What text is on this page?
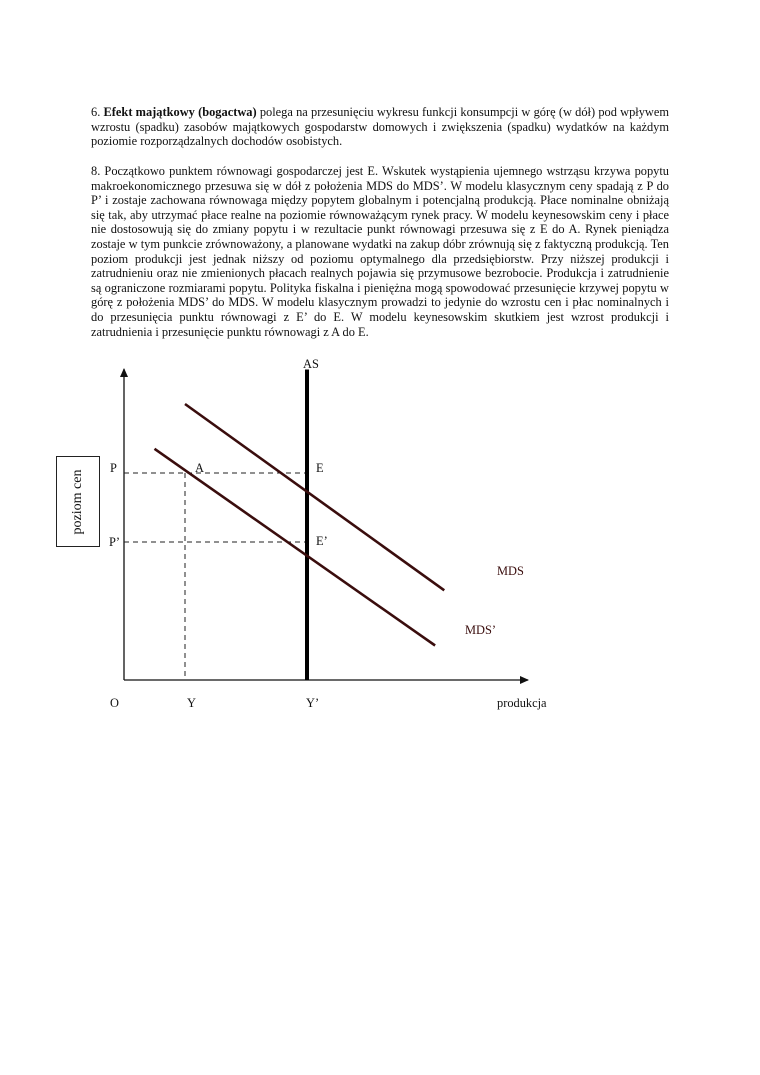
6. Efekt majątkowy (bogactwa) polega na przesunięciu wykresu funkcji konsumpcji w górę (w dół) pod wpływem wzrostu (spadku) zasobów majątkowych gospodarstw domowych i zwiększenia (spadku) wydatków na każdym poziomie rozporządzalnych dochodów osobistych.

8. Początkowo punktem równowagi gospodarczej jest E. Wskutek wystąpienia ujemnego wstrząsu krzywa popytu makroekonomicznego przesuwa się w dół z położenia MDS do MDS’. W modelu klasycznym ceny spadają z P do P’ i zostaje zachowana równowaga między popytem globalnym i potencjalną produkcją. Płace nominalne obniżają się tak, aby utrzymać płace realne na poziomie równoważącym rynek pracy. W modelu keynesowskim ceny i płace nie dostosowują się do zmiany popytu i w rezultacie punkt równowagi przesuwa się z E do A. Rynek pieniądza zostaje w tym punkcie zrównoważony, a planowane wydatki na zakup dóbr zrównują się z faktyczną produkcją. Ten poziom produkcji jest jednak niższy od poziomu optymalnego dla przedsiębiorstw. Przy niższej produkcji i zatrudnieniu oraz nie zmienionych płacach realnych pojawia się przymusowe bezrobocie. Produkcja i zatrudnienie są ograniczone rozmiarami popytu. Polityka fiskalna i pieniężna mogą spowodować przesunięcie krzywej popytu w górę z położenia MDS’ do MDS. W modelu klasycznym prowadzi to jedynie do wzrostu cen i płac nominalnych i do przesunięcia punktu równowagi z E’ do E. W modelu keynesowskim skutkiem jest wzrost produkcji i zatrudnienia i przesunięcie punktu równowagi z A do E.

poziom cen
O	Y	Y’	produkcja
P
P’
A	E
E’
AS
MDS
MDS’
